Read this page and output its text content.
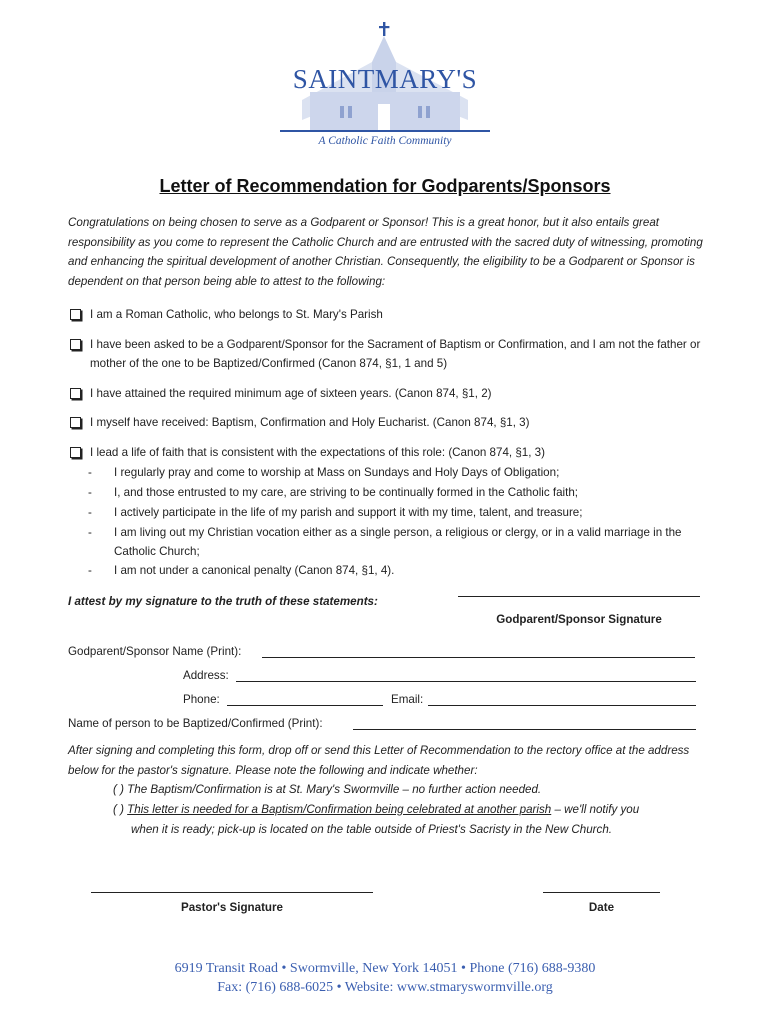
SAINTMARY'S
A Catholic Faith Community
Letter of Recommendation for Godparents/Sponsors
Congratulations on being chosen to serve as a Godparent or Sponsor! This is a great honor, but it also entails great responsibility as you come to represent the Catholic Church and are entrusted with the sacred duty of witnessing, promoting and enhancing the spiritual development of another Christian. Consequently, the eligibility to be a Godparent or Sponsor is dependent on that person being able to attest to the following:
I am a Roman Catholic, who belongs to St. Mary's Parish
I have been asked to be a Godparent/Sponsor for the Sacrament of Baptism or Confirmation, and I am not the father or mother of the one to be Baptized/Confirmed (Canon 874, §1, 1 and 5)
I have attained the required minimum age of sixteen years. (Canon 874, §1, 2)
I myself have received: Baptism, Confirmation and Holy Eucharist. (Canon 874, §1, 3)
I lead a life of faith that is consistent with the expectations of this role: (Canon 874, §1, 3)
- I regularly pray and come to worship at Mass on Sundays and Holy Days of Obligation;
- I, and those entrusted to my care, are striving to be continually formed in the Catholic faith;
- I actively participate in the life of my parish and support it with my time, talent, and treasure;
- I am living out my Christian vocation either as a single person, a religious or clergy, or in a valid marriage in the Catholic Church;
- I am not under a canonical penalty (Canon 874, §1, 4).
I attest by my signature to the truth of these statements:
Godparent/Sponsor Signature
Godparent/Sponsor Name (Print):
Address:
Phone:	Email:
Name of person to be Baptized/Confirmed (Print):
After signing and completing this form, drop off or send this Letter of Recommendation to the rectory office at the address below for the pastor's signature. Please note the following and indicate whether:
( ) The Baptism/Confirmation is at St. Mary's Swormville – no further action needed.
( ) This letter is needed for a Baptism/Confirmation being celebrated at another parish – we'll notify you
when it is ready; pick-up is located on the table outside of Priest's Sacristy in the New Church.
Pastor's Signature	Date
6919 Transit Road • Swormville, New York 14051 • Phone (716) 688-9380
Fax: (716) 688-6025 • Website: www.stmaryswormville.org
